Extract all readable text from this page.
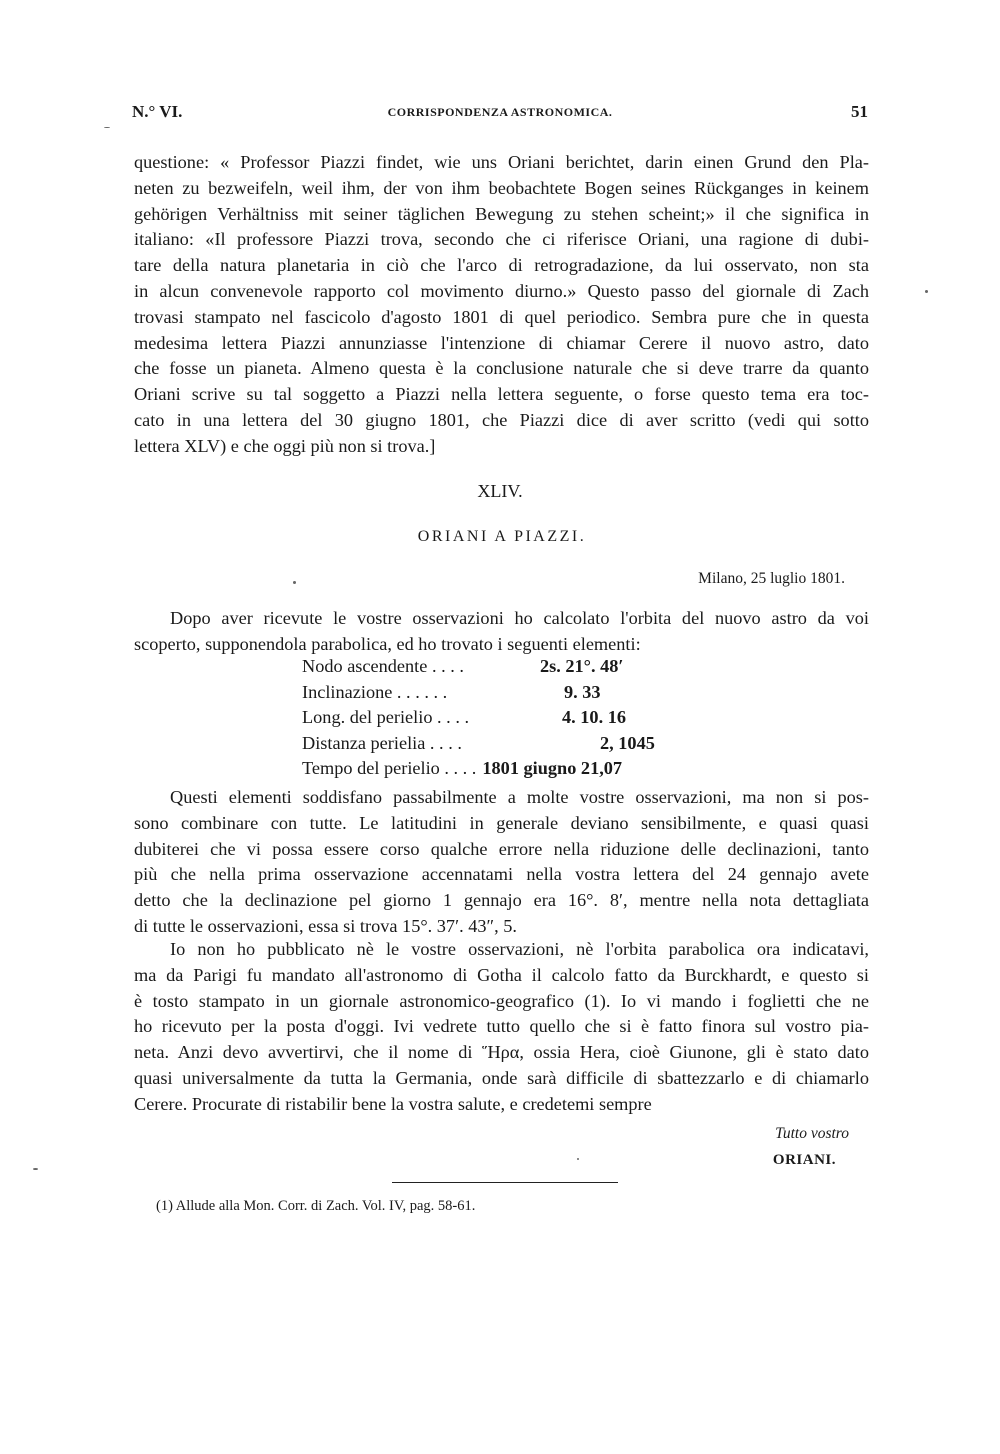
N.° VI.	CORRISPONDENZA ASTRONOMICA.	51
questione: « Professor Piazzi findet, wie uns Oriani berichtet, darin einen Grund den Pla-
neten zu bezweifeln, weil ihm, der von ihm beobachtete Bogen seines Rückganges in keinem
gehörigen Verhältniss mit seiner täglichen Bewegung zu stehen scheint;» il che significa in
italiano: «Il professore Piazzi trova, secondo che ci riferisce Oriani, una ragione di dubi-
tare della natura planetaria in ciò che l'arco di retrogradazione, da lui osservato, non sta
in alcun convenevole rapporto col movimento diurno.» Questo passo del giornale di Zach
trovasi stampato nel fascicolo d'agosto 1801 di quel periodico. Sembra pure che in questa
medesima lettera Piazzi annunziasse l'intenzione di chiamar Cerere il nuovo astro, dato
che fosse un pianeta. Almeno questa è la conclusione naturale che si deve trarre da quanto
Oriani scrive su tal soggetto a Piazzi nella lettera seguente, o forse questo tema era toc-
cato in una lettera del 30 giugno 1801, che Piazzi dice di aver scritto (vedi qui sotto
lettera XLV) e che oggi più non si trova.]
XLIV.
ORIANI A PIAZZI.
Milano, 25 luglio 1801.
Dopo aver ricevute le vostre osservazioni ho calcolato l'orbita del nuovo astro da voi
scoperto, supponendola parabolica, ed ho trovato i seguenti elementi:
Nodo ascendente . . . .	2s. 21°. 48′
Inclinazione . . . . . .	9. 33
Long. del perielio . . . .	4. 10. 16
Distanza perielia . . . .	2, 1045
Tempo del perielio . . . . 1801 giugno 21,07
Questi elementi soddisfano passabilmente a molte vostre osservazioni, ma non si pos-
sono combinare con tutte. Le latitudini in generale deviano sensibilmente, e quasi quasi
dubiterei che vi possa essere corso qualche errore nella riduzione delle declinazioni, tanto
più che nella prima osservazione accennatami nella vostra lettera del 24 gennajo avete
detto che la declinazione pel giorno 1 gennajo era 16°. 8′, mentre nella nota dettagliata
di tutte le osservazioni, essa si trova 15°. 37′. 43″, 5.
Io non ho pubblicato nè le vostre osservazioni, nè l'orbita parabolica ora indicatavi,
ma da Parigi fu mandato all'astronomo di Gotha il calcolo fatto da Burckhardt, e questo si
è tosto stampato in un giornale astronomico-geografico (1). Io vi mando i foglietti che ne
ho ricevuto per la posta d'oggi. Ivi vedrete tutto quello che si è fatto finora sul vostro pia-
neta. Anzi devo avvertirvi, che il nome di Ἥρα, ossia Hera, cioè Giunone, gli è stato dato
quasi universalmente da tutta la Germania, onde sarà difficile di sbattezzarlo e di chiamarlo
Cerere. Procurate di ristabilir bene la vostra salute, e credetemi sempre
Tutto vostro
ORIANI.
(1) Allude alla Mon. Corr. di Zach. Vol. IV, pag. 58-61.
